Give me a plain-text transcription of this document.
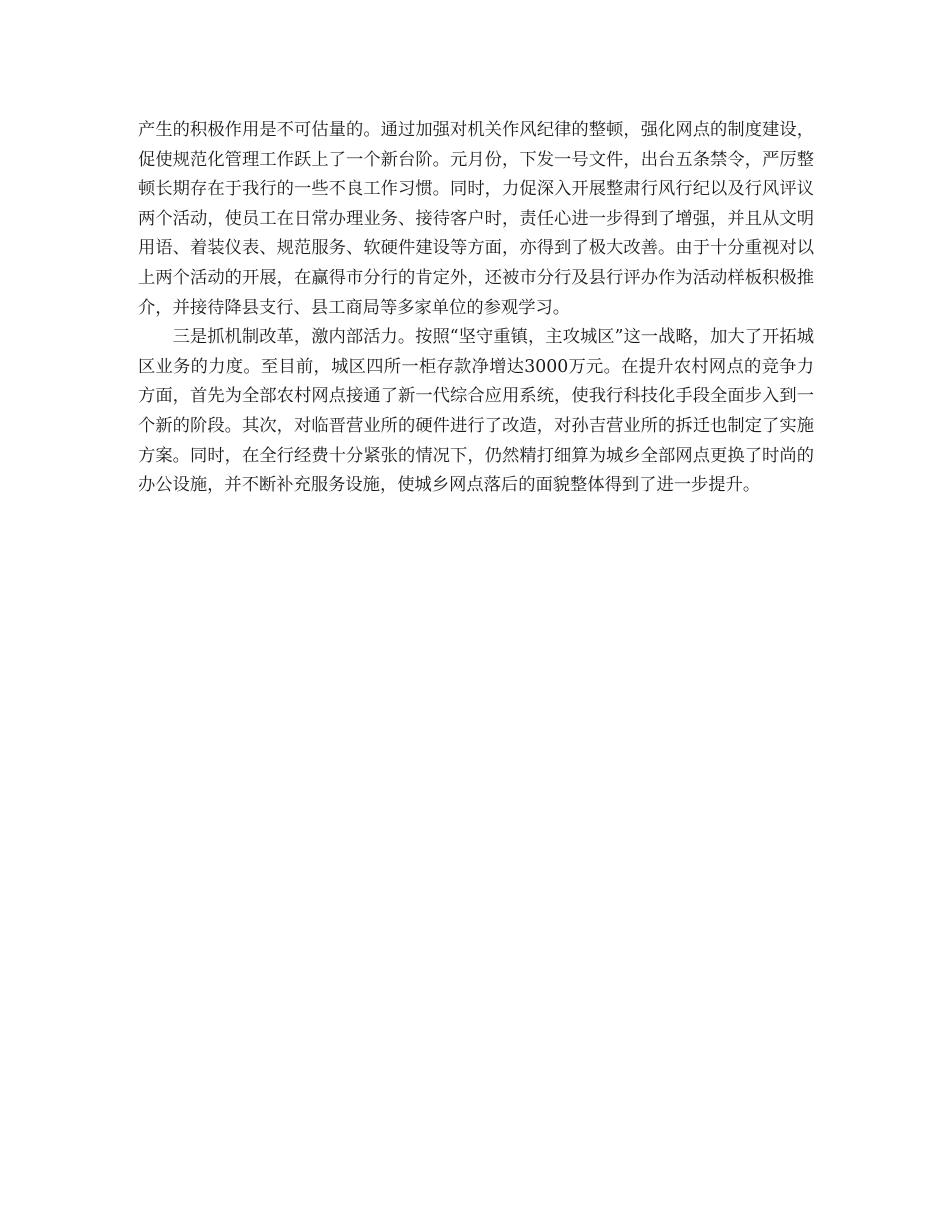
产生的积极作用是不可估量的。通过加强对机关作风纪律的整顿，强化网点的制度建设，促使规范化管理工作跃上了一个新台阶。元月份，下发一号文件，出台五条禁令，严厉整顿长期存在于我行的一些不良工作习惯。同时，力促深入开展整肃行风行纪以及行风评议两个活动，使员工在日常办理业务、接待客户时，责任心进一步得到了增强，并且从文明用语、着装仪表、规范服务、软硬件建设等方面，亦得到了极大改善。由于十分重视对以上两个活动的开展，在赢得市分行的肯定外，还被市分行及县行评办作为活动样板积极推介，并接待降县支行、县工商局等多家单位的参观学习。

三是抓机制改革，激内部活力。按照“坚守重镇，主攻城区”这一战略，加大了开拓城区业务的力度。至目前，城区四所一柜存款净增达3000万元。在提升农村网点的竞争力方面，首先为全部农村网点接通了新一代综合应用系统，使我行科技化手段全面步入到一个新的阶段。其次，对临晋营业所的硬件进行了改造，对孙吉营业所的拆迁也制定了实施方案。同时，在全行经费十分紧张的情况下，仍然精打细算为城乡全部网点更换了时尚的办公设施，并不断补充服务设施，使城乡网点落后的面貌整体得到了进一步提升。
